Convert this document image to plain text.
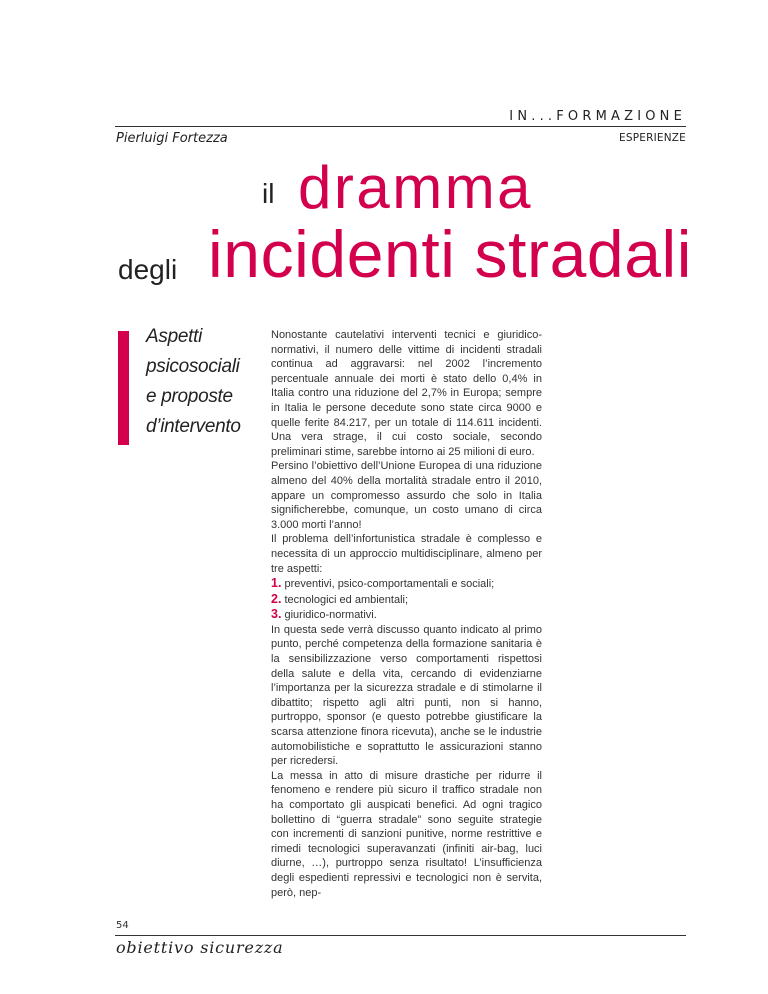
IN...FORMAZIONE
Pierluigi Fortezza	ESPERIENZE
il dramma
degli incidenti stradali
Aspetti
psicosociali
e proposte
d’intervento

Nonostante cautelativi interventi tecnici e giuridico-normativi, il numero delle vittime di incidenti stradali continua ad aggravarsi: nel 2002 l’incremento percentuale annuale dei morti è stato dello 0,4% in Italia contro una riduzione del 2,7% in Europa; sempre in Italia le persone decedute sono state circa 9000 e quelle ferite 84.217, per un totale di 114.611 incidenti. Una vera strage, il cui costo sociale, secondo preliminari stime, sarebbe intorno ai 25 milioni di euro.

Persino l’obiettivo dell’Unione Europea di una riduzione almeno del 40% della mortalità stradale entro il 2010, appare un compromesso assurdo che solo in Italia significherebbe, comunque, un costo umano di circa 3.000 morti l’anno!

Il problema dell’infortunistica stradale è complesso e necessita di un approccio multidisciplinare, almeno per tre aspetti:

1. preventivi, psico-comportamentali e sociali;
2. tecnologici ed ambientali;
3. giuridico-normativi.

In questa sede verrà discusso quanto indicato al primo punto, perché competenza della formazione sanitaria è la sensibilizzazione verso comportamenti rispettosi della salute e della vita, cercando di evidenziarne l’importanza per la sicurezza stradale e di stimolarne il dibattito; rispetto agli altri punti, non si hanno, purtroppo, sponsor (e questo potrebbe giustificare la scarsa attenzione finora ricevuta), anche se le industrie automobilistiche e soprattutto le assicurazioni stanno per ricredersi.

La messa in atto di misure drastiche per ridurre il fenomeno e rendere più sicuro il traffico stradale non ha comportato gli auspicati benefici. Ad ogni tragico bollettino di “guerra stradale” sono seguite strategie con incrementi di sanzioni punitive, norme restrittive e rimedi tecnologici superavanzati (infiniti air-bag, luci diurne, …), purtroppo senza risultato! L’insufficienza degli espedienti repressivi e tecnologici non è servita, però, nep-

54
obiettivo sicurezza
